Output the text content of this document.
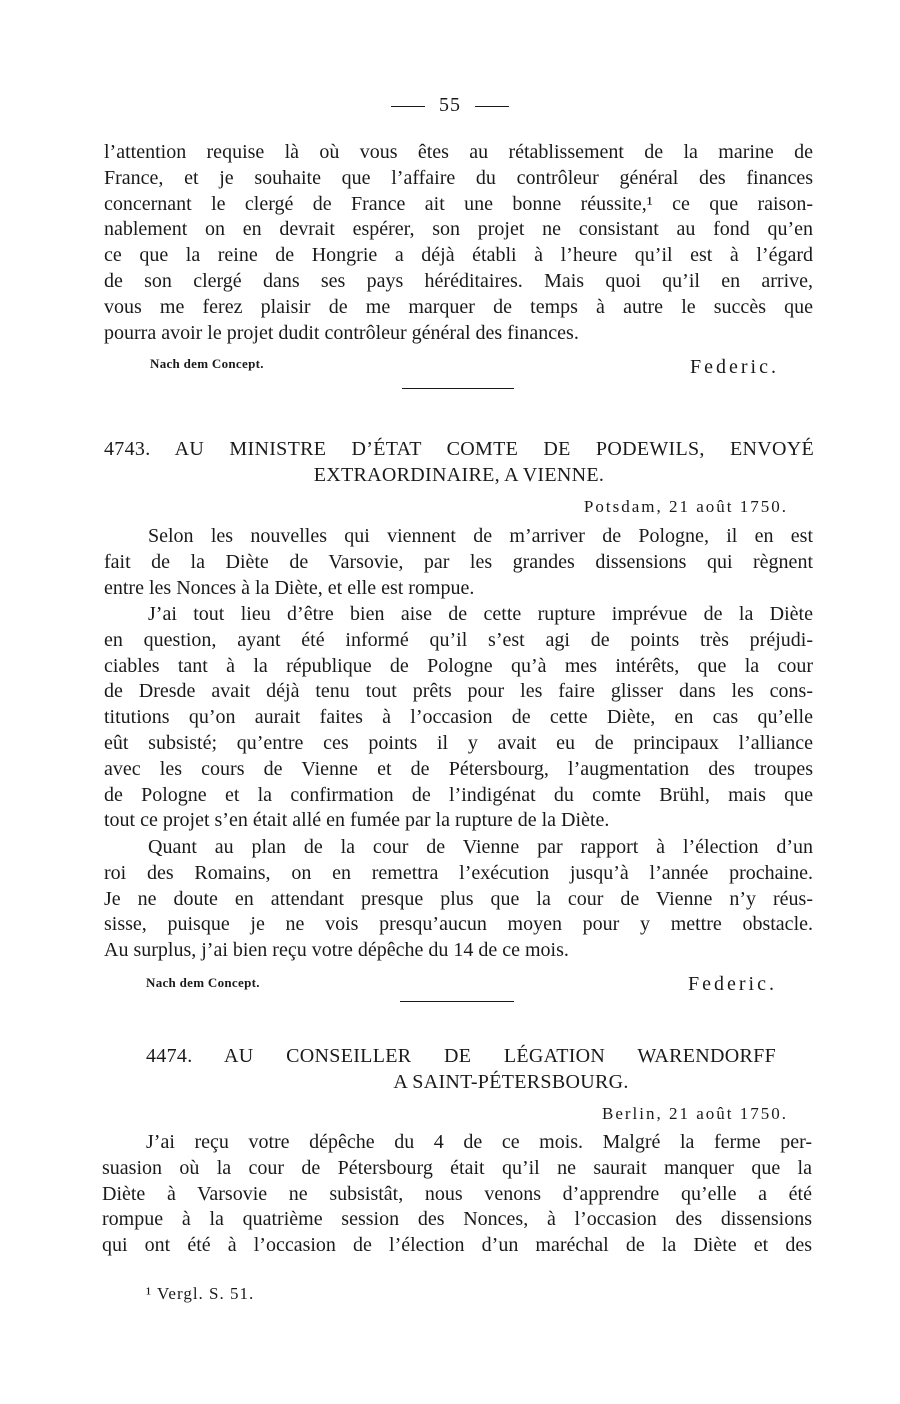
55
l’attention requise là où vous êtes au rétablissement de la marine de
France, et je souhaite que l’affaire du contrôleur général des finances
concernant le clergé de France ait une bonne réussite,¹ ce que raison-
nablement on en devrait espérer, son projet ne consistant au fond qu’en
ce que la reine de Hongrie a déjà établi à l’heure qu’il est à l’égard
de son clergé dans ses pays héréditaires. Mais quoi qu’il en arrive,
vous me ferez plaisir de me marquer de temps à autre le succès que
pourra avoir le projet dudit contrôleur général des finances.
Nach dem Concept.	Federic.
4743. AU MINISTRE D’ÉTAT COMTE DE PODEWILS, ENVOYÉ
EXTRAORDINAIRE, A VIENNE.
Potsdam, 21 août 1750.
Selon les nouvelles qui viennent de m’arriver de Pologne, il en est
fait de la Diète de Varsovie, par les grandes dissensions qui règnent
entre les Nonces à la Diète, et elle est rompue.
J’ai tout lieu d’être bien aise de cette rupture imprévue de la Diète
en question, ayant été informé qu’il s’est agi de points très préjudi-
ciables tant à la république de Pologne qu’à mes intérêts, que la cour
de Dresde avait déjà tenu tout prêts pour les faire glisser dans les cons-
titutions qu’on aurait faites à l’occasion de cette Diète, en cas qu’elle
eût subsisté; qu’entre ces points il y avait eu de principaux l’alliance
avec les cours de Vienne et de Pétersbourg, l’augmentation des troupes
de Pologne et la confirmation de l’indigénat du comte Brühl, mais que
tout ce projet s’en était allé en fumée par la rupture de la Diète.
Quant au plan de la cour de Vienne par rapport à l’élection d’un
roi des Romains, on en remettra l’exécution jusqu’à l’année prochaine.
Je ne doute en attendant presque plus que la cour de Vienne n’y réus-
sisse, puisque je ne vois presqu’aucun moyen pour y mettre obstacle.
Au surplus, j’ai bien reçu votre dépêche du 14 de ce mois.
Nach dem Concept.	Federic.
4474. AU CONSEILLER DE LÉGATION WARENDORFF
A SAINT-PÉTERSBOURG.
Berlin, 21 août 1750.
J’ai reçu votre dépêche du 4 de ce mois. Malgré la ferme per-
suasion où la cour de Pétersbourg était qu’il ne saurait manquer que la
Diète à Varsovie ne subsistât, nous venons d’apprendre qu’elle a été
rompue à la quatrième session des Nonces, à l’occasion des dissensions
qui ont été à l’occasion de l’élection d’un maréchal de la Diète et des
¹ Vergl. S. 51.
